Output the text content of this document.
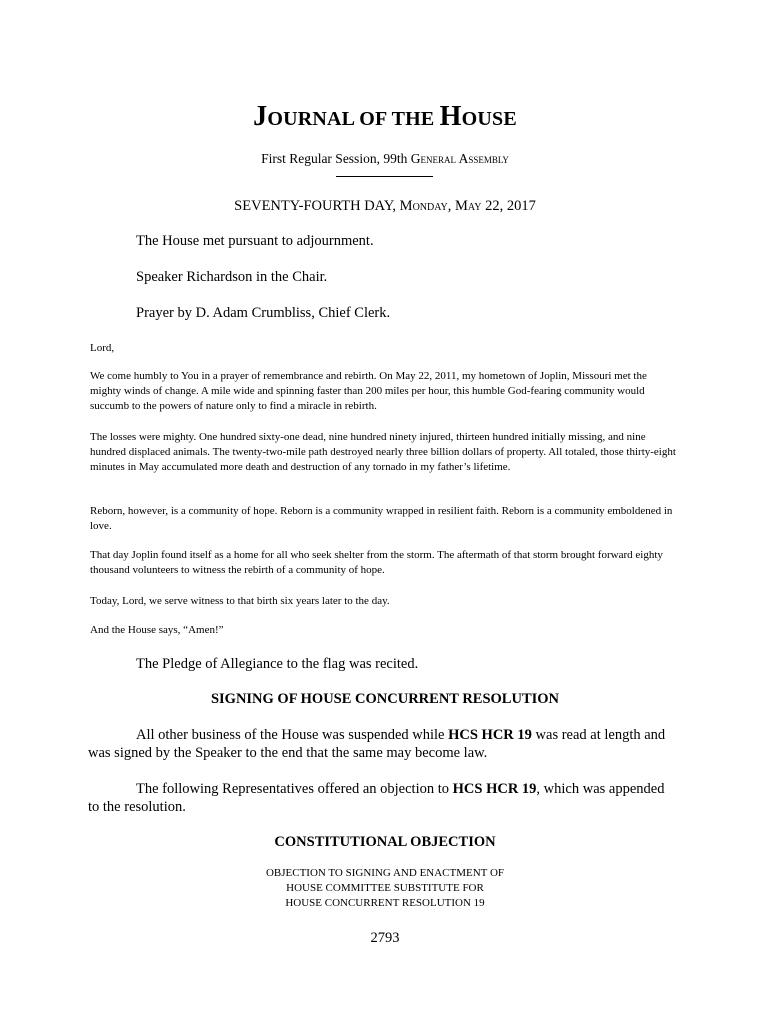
JOURNAL OF THE HOUSE
First Regular Session, 99th General Assembly
SEVENTY-FOURTH DAY, Monday, May 22, 2017
The House met pursuant to adjournment.
Speaker Richardson in the Chair.
Prayer by D. Adam Crumbliss, Chief Clerk.
Lord,
We come humbly to You in a prayer of remembrance and rebirth. On May 22, 2011, my hometown of Joplin, Missouri met the mighty winds of change. A mile wide and spinning faster than 200 miles per hour, this humble God-fearing community would succumb to the powers of nature only to find a miracle in rebirth.
The losses were mighty. One hundred sixty-one dead, nine hundred ninety injured, thirteen hundred initially missing, and nine hundred displaced animals. The twenty-two-mile path destroyed nearly three billion dollars of property. All totaled, those thirty-eight minutes in May accumulated more death and destruction of any tornado in my father’s lifetime.
Reborn, however, is a community of hope. Reborn is a community wrapped in resilient faith. Reborn is a community emboldened in love.
That day Joplin found itself as a home for all who seek shelter from the storm. The aftermath of that storm brought forward eighty thousand volunteers to witness the rebirth of a community of hope.
Today, Lord, we serve witness to that birth six years later to the day.
And the House says, “Amen!”
The Pledge of Allegiance to the flag was recited.
SIGNING OF HOUSE CONCURRENT RESOLUTION
All other business of the House was suspended while HCS HCR 19 was read at length and was signed by the Speaker to the end that the same may become law.
The following Representatives offered an objection to HCS HCR 19, which was appended to the resolution.
CONSTITUTIONAL OBJECTION
OBJECTION TO SIGNING AND ENACTMENT OF
HOUSE COMMITTEE SUBSTITUTE FOR
HOUSE CONCURRENT RESOLUTION 19
2793
